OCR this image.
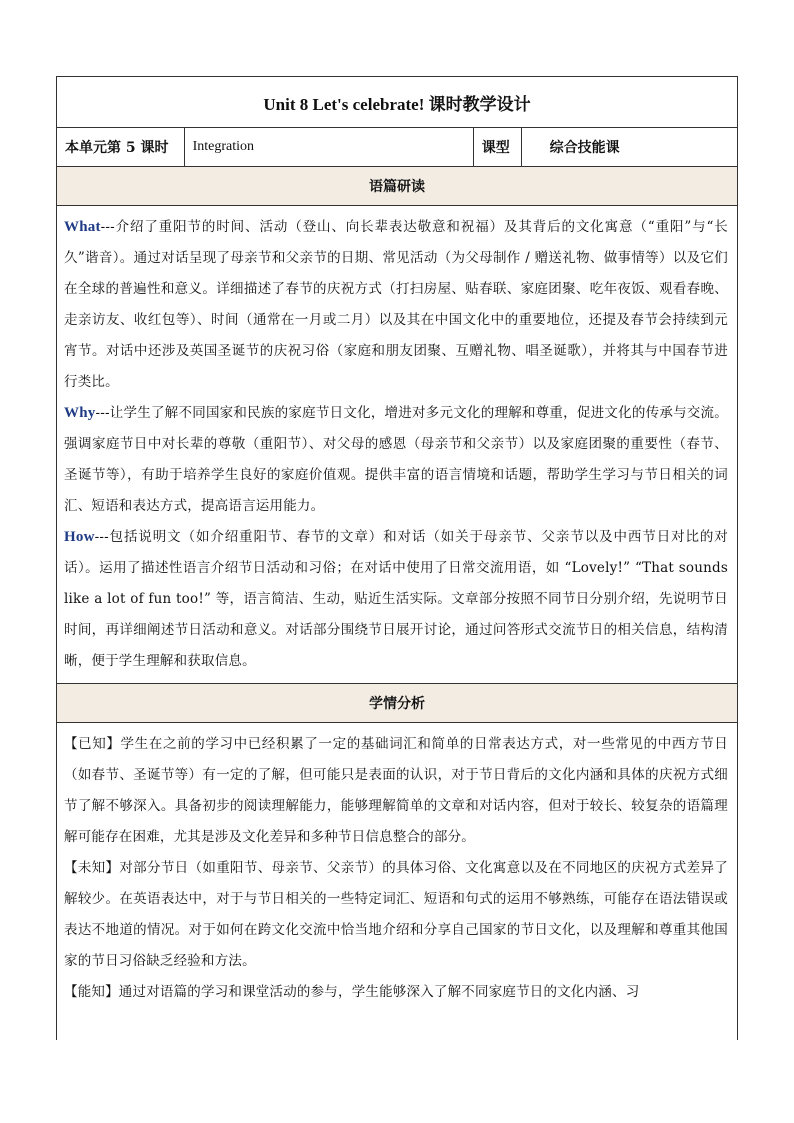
Unit 8 Let's celebrate! 课时教学设计
本单元第 5 课时	Integration	课型	综合技能课
语篇研读

What---介绍了重阳节的时间、活动（登山、向长辈表达敬意和祝福）及其背后的文化寓意（“重阳”与“长久”谐音）。通过对话呈现了母亲节和父亲节的日期、常见活动（为父母制作 / 赠送礼物、做事情等）以及它们在全球的普遍性和意义。详细描述了春节的庆祝方式（打扫房屋、贴春联、家庭团聚、吃年夜饭、观看春晚、走亲访友、收红包等）、时间（通常在一月或二月）以及其在中国文化中的重要地位，还提及春节会持续到元宵节。对话中还涉及英国圣诞节的庆祝习俗（家庭和朋友团聚、互赠礼物、唱圣诞歌），并将其与中国春节进行类比。

Why---让学生了解不同国家和民族的家庭节日文化，增进对多元文化的理解和尊重，促进文化的传承与交流。强调家庭节日中对长辈的尊敬（重阳节）、对父母的感恩（母亲节和父亲节）以及家庭团聚的重要性（春节、圣诞节等），有助于培养学生良好的家庭价值观。提供丰富的语言情境和话题，帮助学生学习与节日相关的词汇、短语和表达方式，提高语言运用能力。

How---包括说明文（如介绍重阳节、春节的文章）和对话（如关于母亲节、父亲节以及中西节日对比的对话）。运用了描述性语言介绍节日活动和习俗；在对话中使用了日常交流用语，如 “Lovely!” “That sounds like a lot of fun too!” 等，语言简洁、生动，贴近生活实际。文章部分按照不同节日分别介绍，先说明节日时间，再详细阐述节日活动和意义。对话部分围绕节日展开讨论，通过问答形式交流节日的相关信息，结构清晰，便于学生理解和获取信息。

学情分析

【已知】学生在之前的学习中已经积累了一定的基础词汇和简单的日常表达方式，对一些常见的中西方节日（如春节、圣诞节等）有一定的了解，但可能只是表面的认识，对于节日背后的文化内涵和具体的庆祝方式细节了解不够深入。具备初步的阅读理解能力，能够理解简单的文章和对话内容，但对于较长、较复杂的语篇理解可能存在困难，尤其是涉及文化差异和多种节日信息整合的部分。

【未知】对部分节日（如重阳节、母亲节、父亲节）的具体习俗、文化寓意以及在不同地区的庆祝方式差异了解较少。在英语表达中，对于与节日相关的一些特定词汇、短语和句式的运用不够熟练，可能存在语法错误或表达不地道的情况。对于如何在跨文化交流中恰当地介绍和分享自己国家的节日文化，以及理解和尊重其他国家的节日习俗缺乏经验和方法。

【能知】通过对语篇的学习和课堂活动的参与，学生能够深入了解不同家庭节日的文化内涵、习
